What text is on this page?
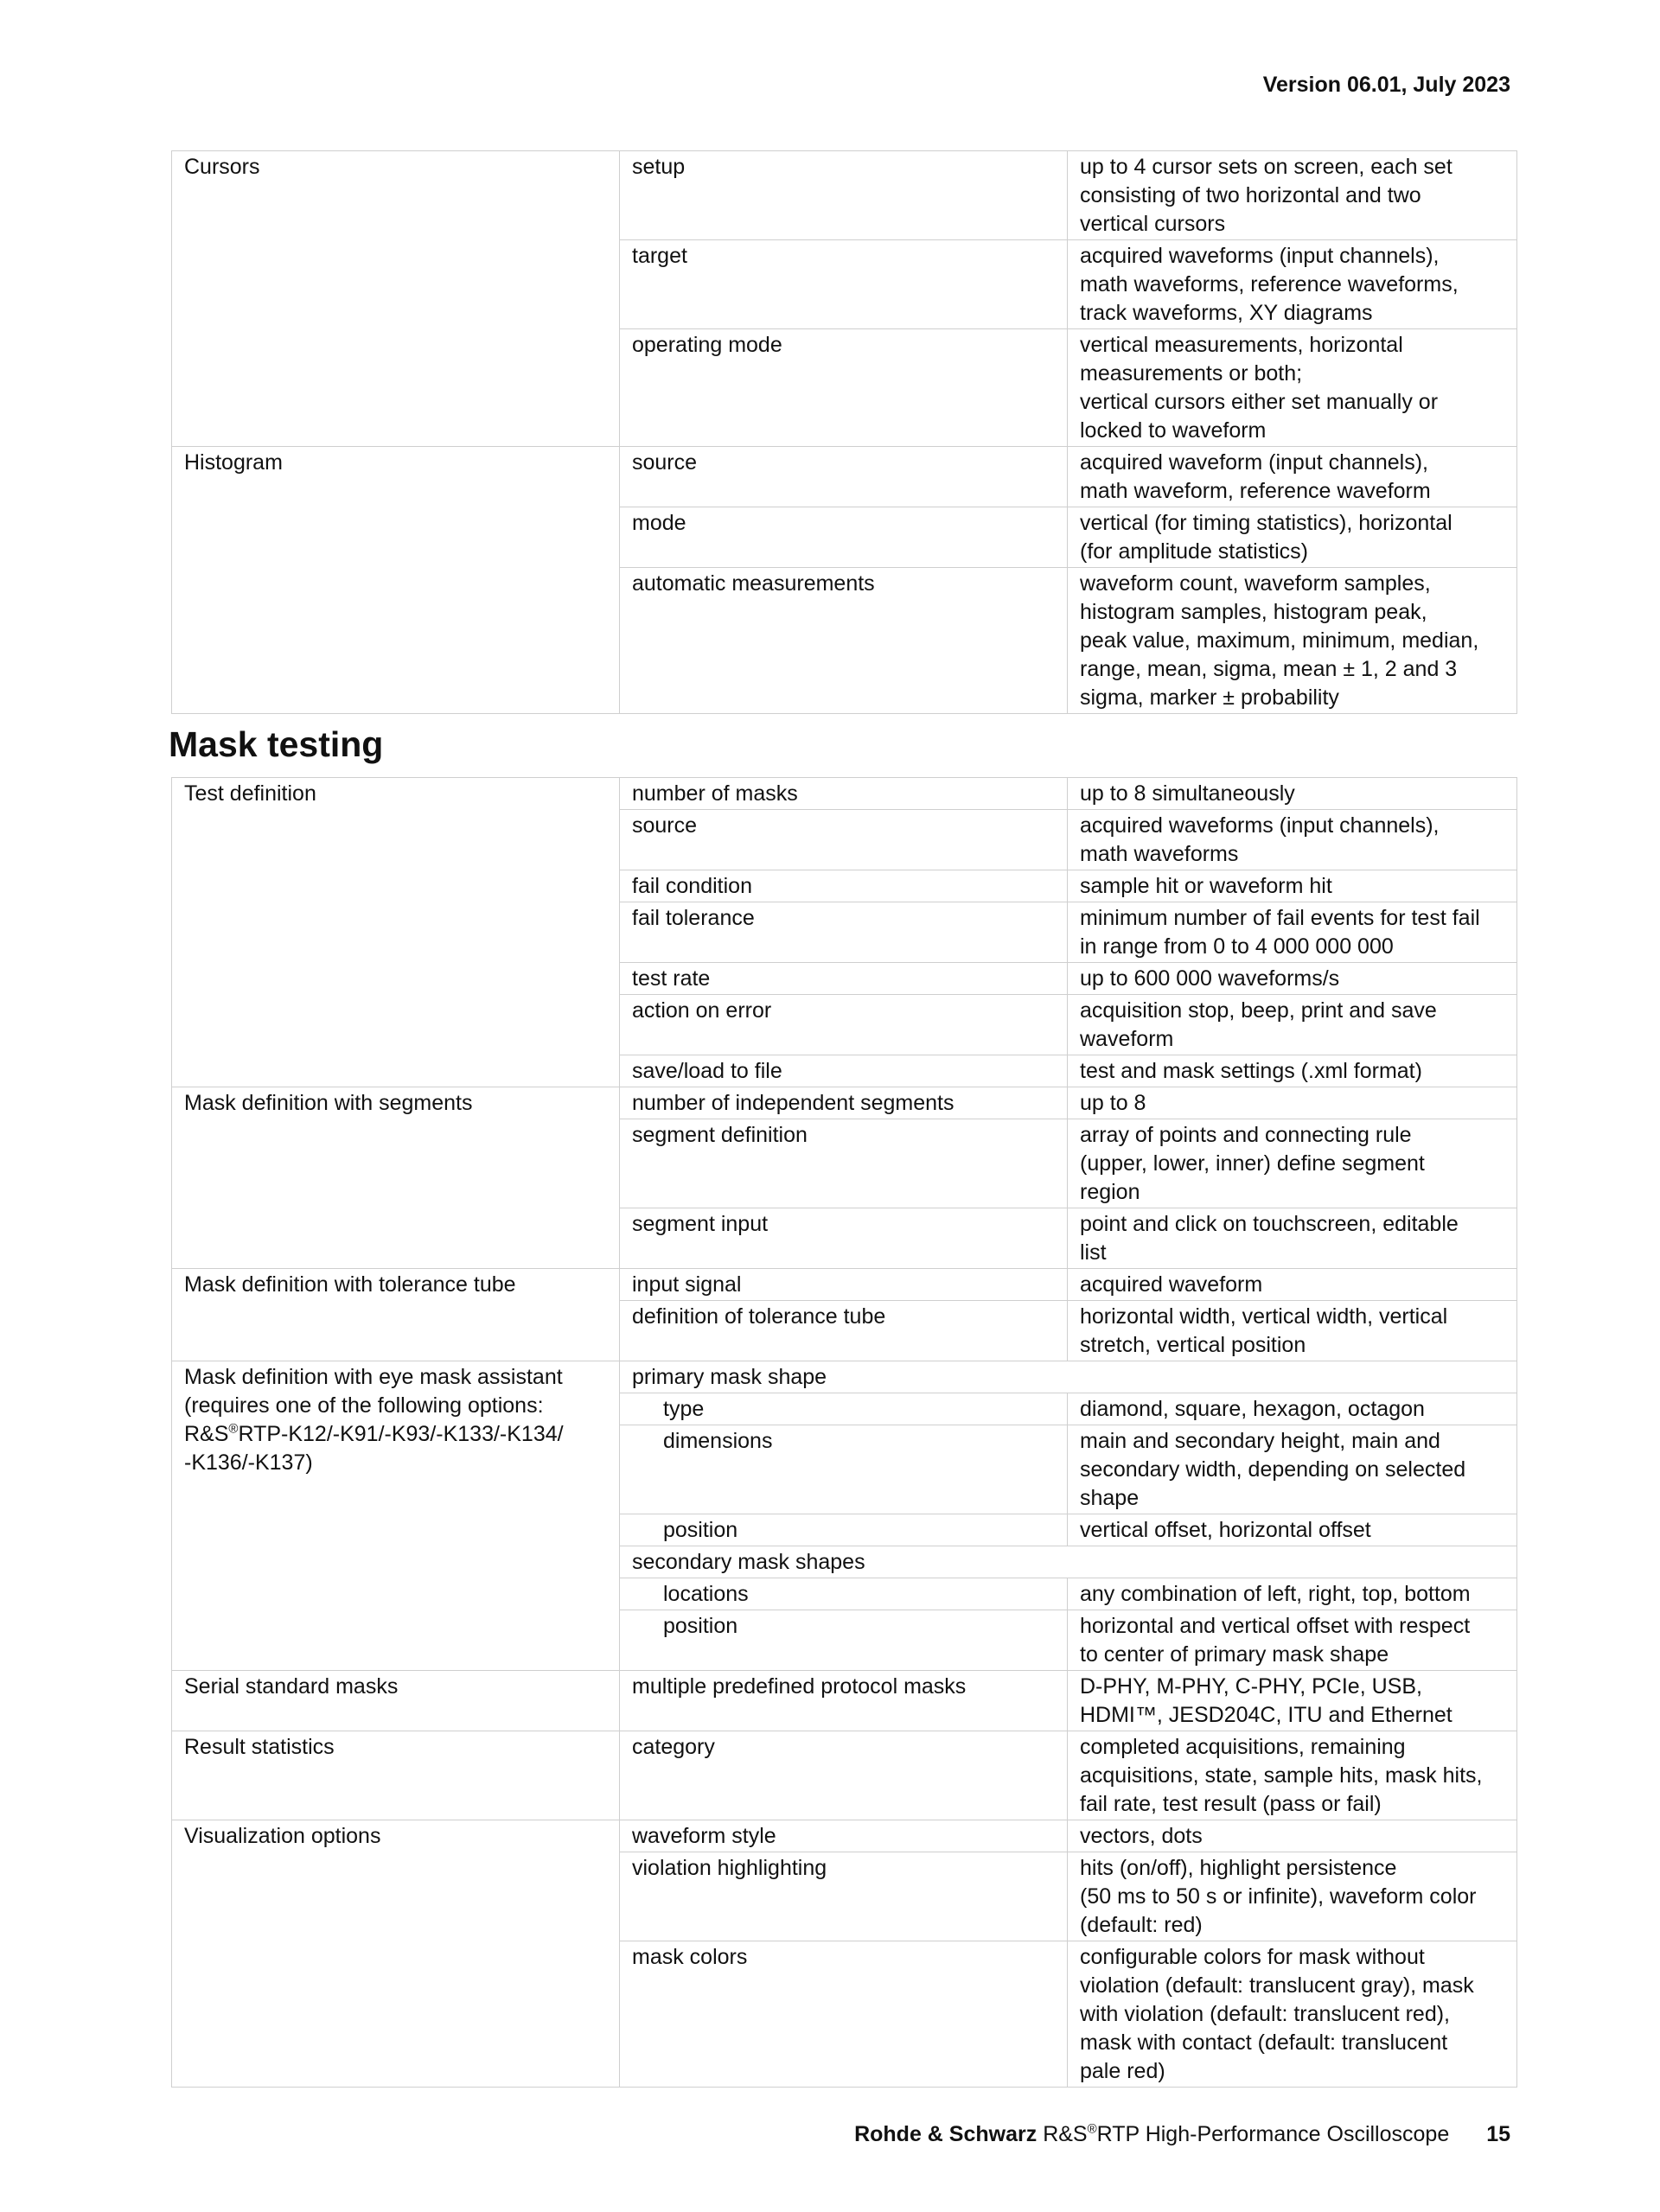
Version 06.01, July 2023
Cursors	setup	up to 4 cursor sets on screen, each set
consisting of two horizontal and two
vertical cursors

	target	acquired waveforms (input channels),
math waveforms, reference waveforms,
track waveforms, XY diagrams

	operating mode	vertical measurements, horizontal
measurements or both;
vertical cursors either set manually or
locked to waveform

Histogram	source	acquired waveform (input channels),
math waveform, reference waveform

	mode	vertical (for timing statistics), horizontal
(for amplitude statistics)

	automatic measurements	waveform count, waveform samples,
histogram samples, histogram peak,
peak value, maximum, minimum, median,
range, mean, sigma, mean ± 1, 2 and 3
sigma, marker ± probability
Mask testing
Test definition	number of masks	up to 8 simultaneously

	source	acquired waveforms (input channels),
math waveforms

	fail condition	sample hit or waveform hit

	fail tolerance	minimum number of fail events for test fail
in range from 0 to 4 000 000 000

	test rate	up to 600 000 waveforms/s

	action on error	acquisition stop, beep, print and save
waveform

	save/load to file	test and mask settings (.xml format)

Mask definition with segments	number of independent segments	up to 8

	segment definition	array of points and connecting rule
(upper, lower, inner) define segment
region

	segment input	point and click on touchscreen, editable
list

Mask definition with tolerance tube	input signal	acquired waveform

	definition of tolerance tube	horizontal width, vertical width, vertical
stretch, vertical position

Mask definition with eye mask assistant
(requires one of the following options:
R&S®RTP-K12/-K91/-K93/-K133/-K134/
-K136/-K137)	primary mask shape	
	type	diamond, square, hexagon, octagon

	dimensions	main and secondary height, main and
secondary width, depending on selected
shape

	position	vertical offset, horizontal offset

	secondary mask shapes	
	locations	any combination of left, right, top, bottom

	position	horizontal and vertical offset with respect
to center of primary mask shape

Serial standard masks	multiple predefined protocol masks	D-PHY, M-PHY, C-PHY, PCIe, USB,
HDMI™, JESD204C, ITU and Ethernet

Result statistics	category	completed acquisitions, remaining
acquisitions, state, sample hits, mask hits,
fail rate, test result (pass or fail)

Visualization options	waveform style	vectors, dots

	violation highlighting	hits (on/off), highlight persistence
(50 ms to 50 s or infinite), waveform color
(default: red)

	mask colors	configurable colors for mask without
violation (default: translucent gray), mask
with violation (default: translucent red),
mask with contact (default: translucent
pale red)
Rohde & Schwarz R&S®RTP High-Performance Oscilloscope 15
